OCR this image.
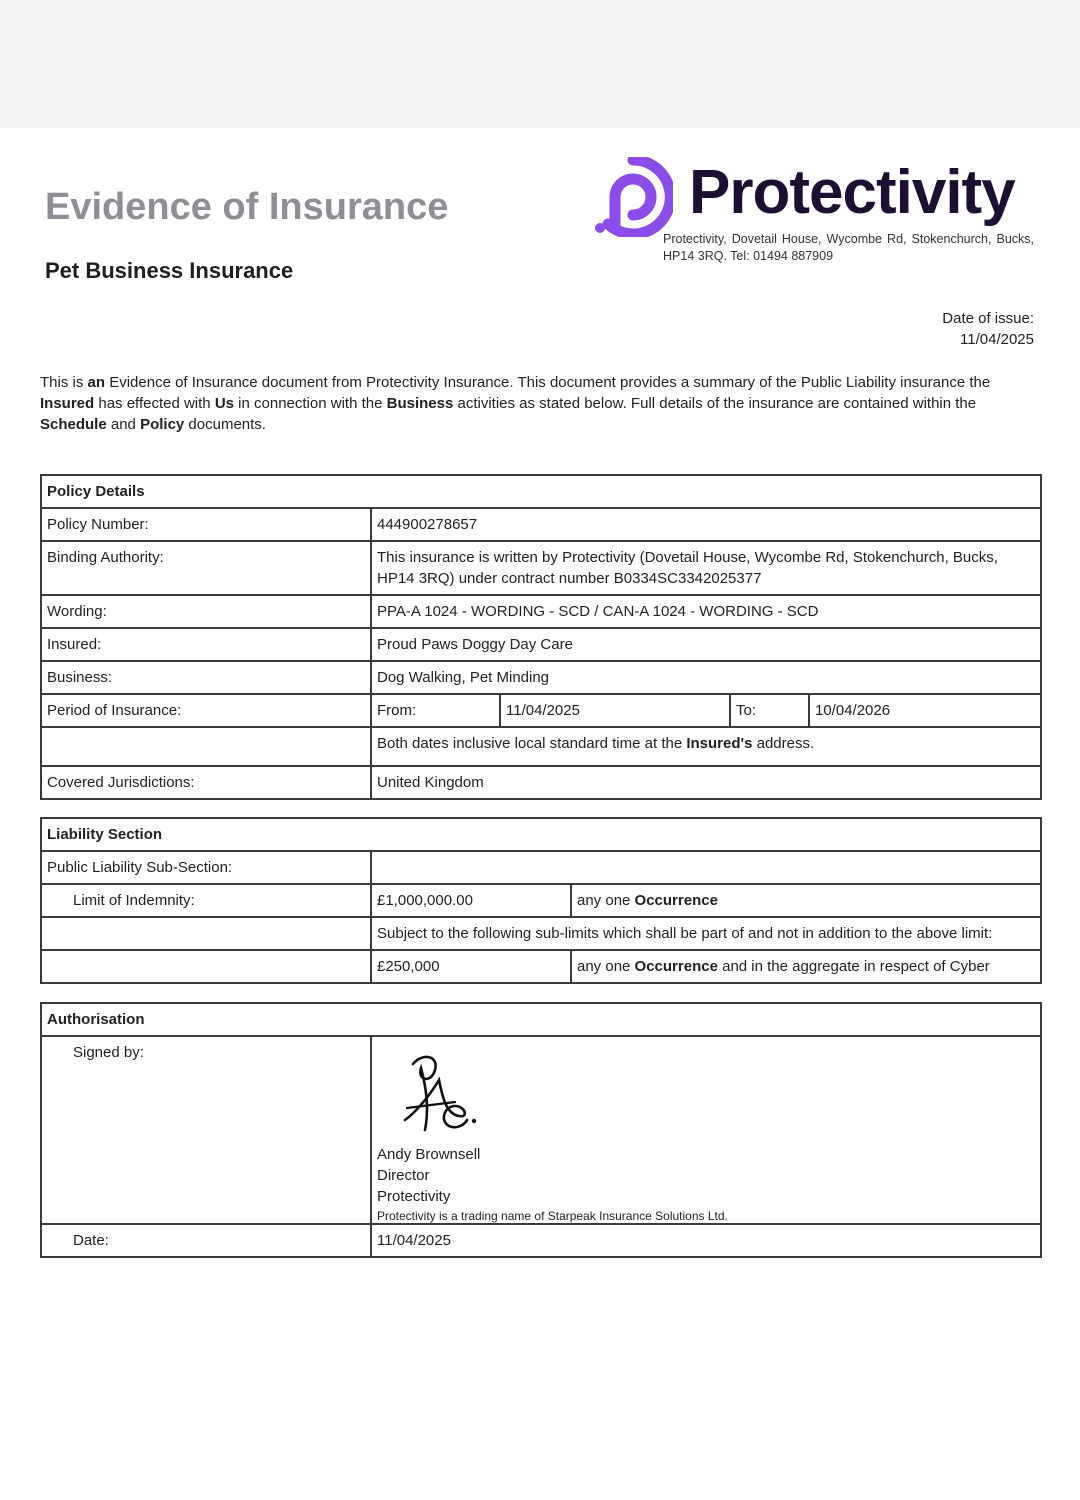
Evidence of Insurance
Pet Business Insurance
Protectivity
Protectivity, Dovetail House, Wycombe Rd, Stokenchurch, Bucks, HP14 3RQ. Tel: 01494 887909
Date of issue:
11/04/2025

This is an Evidence of Insurance document from Protectivity Insurance. This document provides a summary of the Public Liability insurance the Insured has effected with Us in connection with the Business activities as stated below. Full details of the insurance are contained within the Schedule and Policy documents.

Policy Details				
Policy Number:	444900278657			
Binding Authority:	This insurance is written by Protectivity (Dovetail House, Wycombe Rd, Stokenchurch, Bucks, HP14 3RQ) under contract number B0334SC3342025377			
Wording:	PPA-A 1024 - WORDING - SCD / CAN-A 1024 - WORDING - SCD			
Insured:	Proud Paws Doggy Day Care			
Business:	Dog Walking, Pet Minding			
Period of Insurance:	From:	11/04/2025	To:	10/04/2026
	Both dates inclusive local standard time at the Insured's address.			
Covered Jurisdictions:	United Kingdom			
Liability Section		
Public Liability Sub-Section:		
Limit of Indemnity:	£1,000,000.00	any one Occurrence
	Subject to the following sub-limits which shall be part of and not in addition to the above limit:	
	£250,000	any one Occurrence and in the aggregate in respect of Cyber
Authorisation	
Signed by:	Andy Brownsell
Director
Protectivity
Protectivity is a trading name of Starpeak Insurance Solutions Ltd.

Date:	11/04/2025
